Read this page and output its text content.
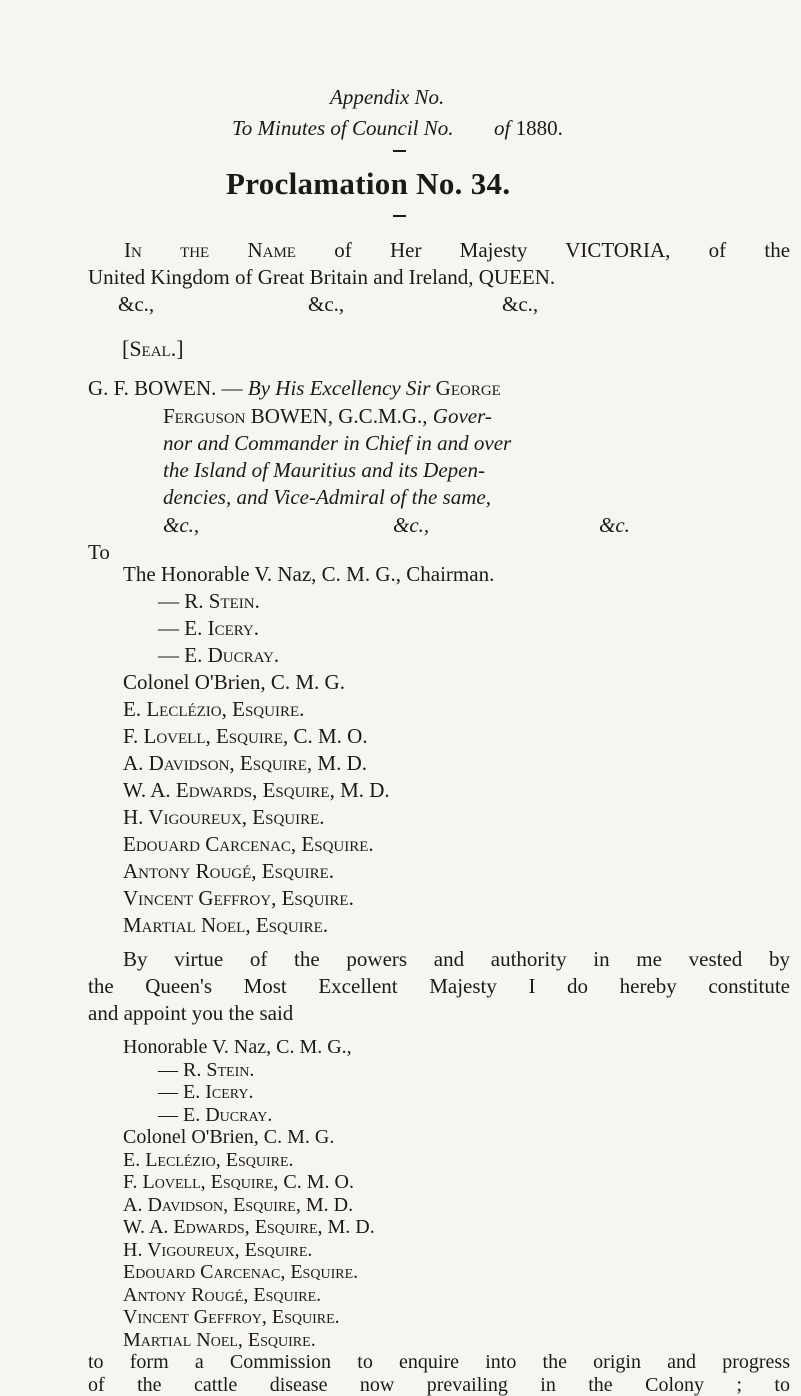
Appendix No.
To Minutes of Council No. of 1880.
Proclamation No. 34.
In the Name of Her Majesty VICTORIA, of the
United Kingdom of Great Britain and Ireland, QUEEN.
&c.,	&c.,	&c.,
[Seal.]
G. F. BOWEN. — By His Excellency Sir George
Ferguson BOWEN, G.C.M.G., Gover-
nor and Commander in Chief in and over
the Island of Mauritius and its Depen-
dencies, and Vice-Admiral of the same,
&c.,	&c.,	&c.
To
The Honorable V. Naz, C. M. G., Chairman.
— R. Stein.
— E. Icery.
— E. Ducray.
Colonel O'Brien, C. M. G.
E. Leclézio, Esquire.
F. Lovell, Esquire, C. M. O.
A. Davidson, Esquire, M. D.
W. A. Edwards, Esquire, M. D.
H. Vigoureux, Esquire.
Edouard Carcenac, Esquire.
Antony Rougé, Esquire.
Vincent Geffroy, Esquire.
Martial Noel, Esquire.
By virtue of the powers and authority in me vested by
the Queen's Most Excellent Majesty I do hereby constitute
and appoint you the said
Honorable V. Naz, C. M. G.,
— R. Stein.
— E. Icery.
— E. Ducray.
Colonel O'Brien, C. M. G.
E. Leclézio, Esquire.
F. Lovell, Esquire, C. M. O.
A. Davidson, Esquire, M. D.
W. A. Edwards, Esquire, M. D.
H. Vigoureux, Esquire.
Edouard Carcenac, Esquire.
Antony Rougé, Esquire.
Vincent Geffroy, Esquire.
Martial Noel, Esquire.
to form a Commission to enquire into the origin and progress
of the cattle disease now prevailing in the Colony ; to
